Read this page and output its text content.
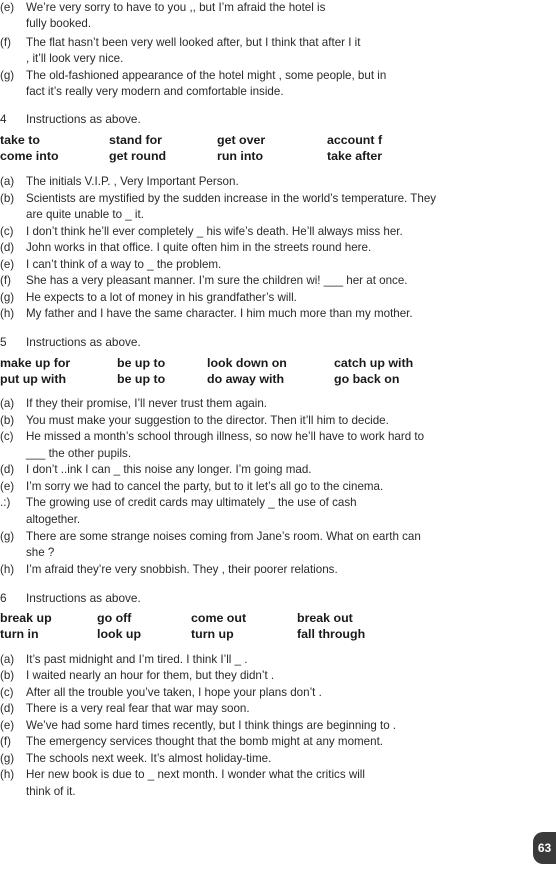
(e) We’re very sorry to have to you ,, but I’m afraid the hotel is
fully booked.
(f) The flat hasn’t been very well looked after, but I think that after I it
, it’ll look very nice.
(g) The old-fashioned appearance of the hotel might , some people, but in
fact it’s really very modern and comfortable inside.
4 Instructions as above.
take to	stand for	get over	account f
come into	get round	run into	take after
(a) The initials V.I.P. , Very Important Person.
(b) Scientists are mystified by the sudden increase in the world’s temperature. They
are quite unable to _ it.
(c) I don’t think he’ll ever completely _ his wife’s death. He’ll always miss her.
(d) John works in that office. I quite often him in the streets round here.
(e) I can’t think of a way to _ the problem.
(f) She has a very pleasant manner. I’m sure the children wi! ___ her at once.
(g) He expects to a lot of money in his grandfather’s will.
(h) My father and I have the same character. I him much more than my mother.
5 Instructions as above.
make up for	be up to	look down on	catch up with
put up with	be up to	do away with	go back on
(a) If they their promise, I’ll never trust them again.
(b) You must make your suggestion to the director. Then it’ll him to decide.
(c) He missed a month’s school through illness, so now he’ll have to work hard to
___ the other pupils.
(d) I don’t ..ink I can _ this noise any longer. I’m going mad.
(e) I’m sorry we had to cancel the party, but to it let’s all go to the cinema.
.:) The growing use of credit cards may ultimately _ the use of cash
altogether.
(g) There are some strange noises coming from Jane’s room. What on earth can
she ?
(h) I’m afraid they’re very snobbish. They , their poorer relations.
6 Instructions as above.
break up	go off	come out	break out
turn in	look up	turn up	fall through
(a) It’s past midnight and I’m tired. I think I’ll _ .
(b) I waited nearly an hour for them, but they didn’t .
(c) After all the trouble you’ve taken, I hope your plans don’t .
(d) There is a very real fear that war may soon.
(e) We’ve had some hard times recently, but I think things are beginning to .
(f) The emergency services thought that the bomb might at any moment.
(g) The schools next week. It’s almost holiday-time.
(h) Her new book is due to _ next month. I wonder what the critics will
think of it.
63
